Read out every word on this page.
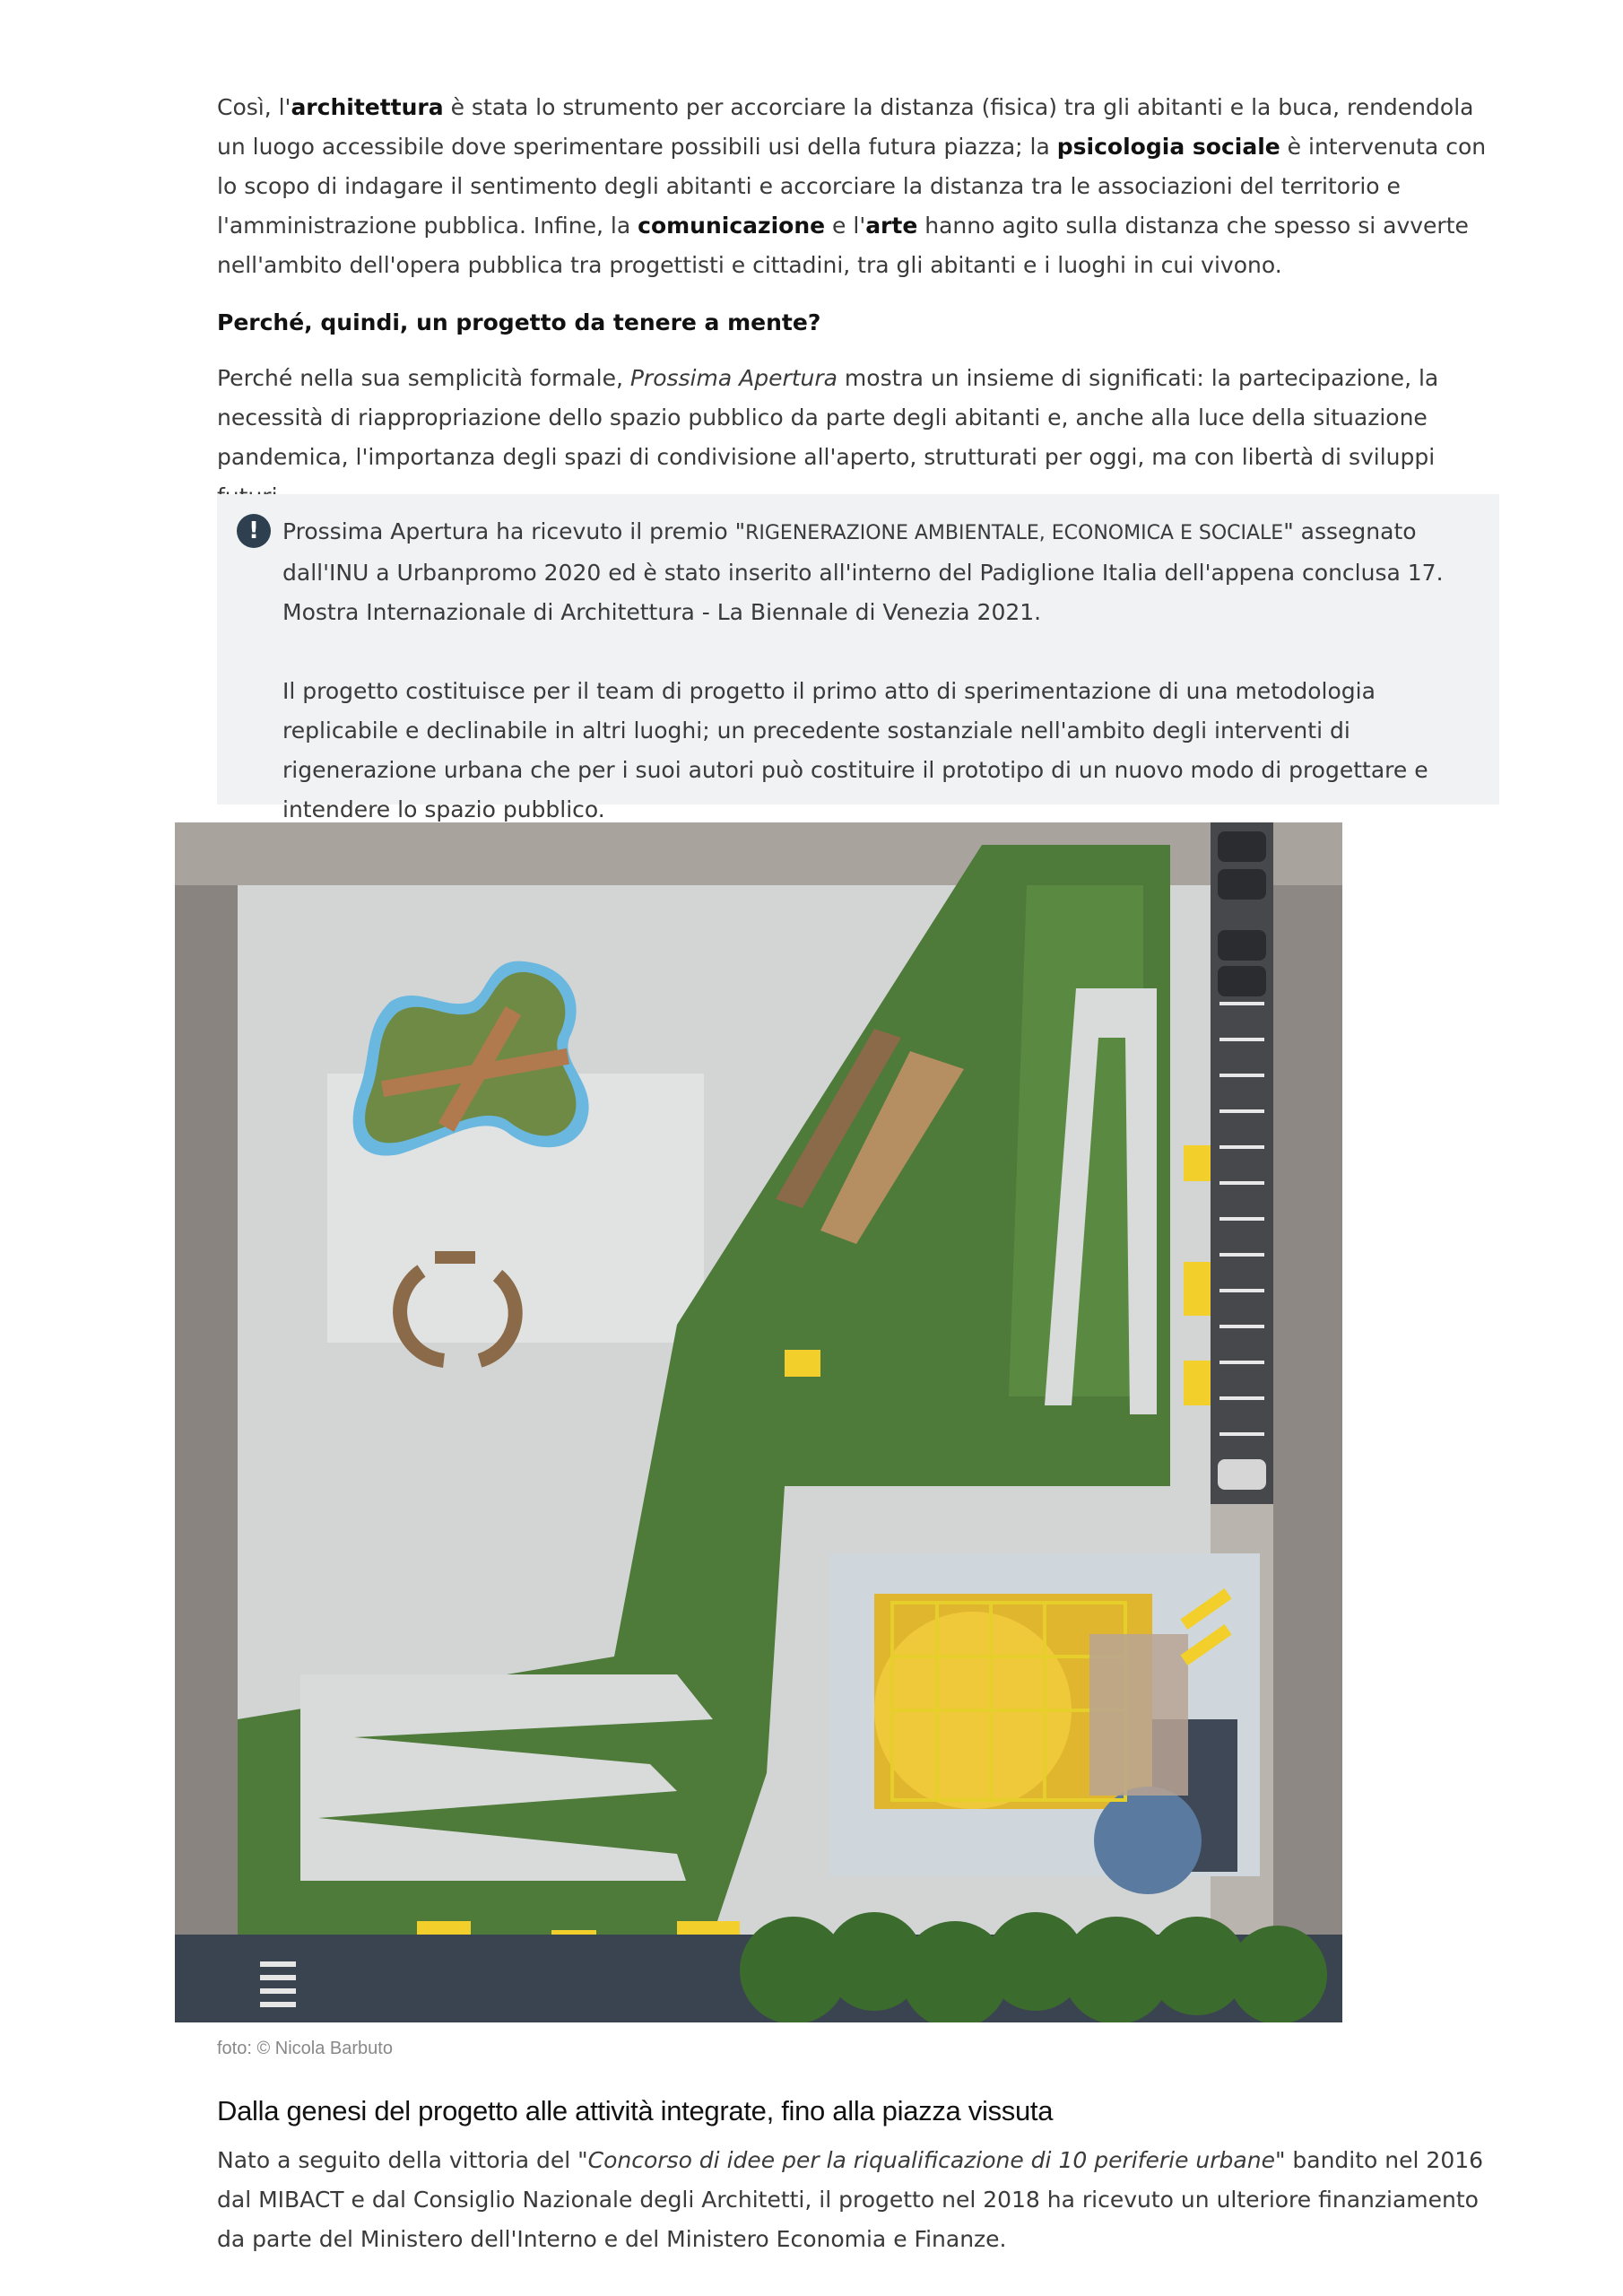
Così, l'architettura è stata lo strumento per accorciare la distanza (fisica) tra gli abitanti e la buca, rendendola un luogo accessibile dove sperimentare possibili usi della futura piazza; la psicologia sociale è intervenuta con lo scopo di indagare il sentimento degli abitanti e accorciare la distanza tra le associazioni del territorio e l'amministrazione pubblica. Infine, la comunicazione e l'arte hanno agito sulla distanza che spesso si avverte nell'ambito dell'opera pubblica tra progettisti e cittadini, tra gli abitanti e i luoghi in cui vivono.

Perché, quindi, un progetto da tenere a mente?

Perché nella sua semplicità formale, Prossima Apertura mostra un insieme di significati: la partecipazione, la necessità di riappropriazione dello spazio pubblico da parte degli abitanti e, anche alla luce della situazione pandemica, l'importanza degli spazi di condivisione all'aperto, strutturati per oggi, ma con libertà di sviluppi

!	Prossima Apertura ha ricevuto il premio "RIGENERAZIONE AMBIENTALE, ECONOMICA E SOCIALE" assegnato dall'INU a Urbanpromo 2020 ed è stato inserito all'interno del Padiglione Italia dell'appena conclusa 17. Mostra Internazionale di Architettura - La Biennale di Venezia 2021.

Il progetto costituisce per il team di progetto il primo atto di sperimentazione di una metodologia replicabile e declinabile in altri luoghi; un precedente sostanziale nell'ambito degli interventi di rigenerazione urbana che per i suoi autori può costituire il prototipo di un nuovo modo di progettare e intendere lo spazio pubblico.

foto: © Nicola Barbuto
Dalla genesi del progetto alle attività integrate, fino alla piazza vissuta

Nato a seguito della vittoria del "Concorso di idee per la riqualificazione di 10 periferie urbane" bandito nel 2016 dal MIBACT e dal Consiglio Nazionale degli Architetti, il progetto nel 2018 ha ricevuto un ulteriore finanziamento da parte del Ministero dell'Interno e del Ministero Economia e Finanze.
